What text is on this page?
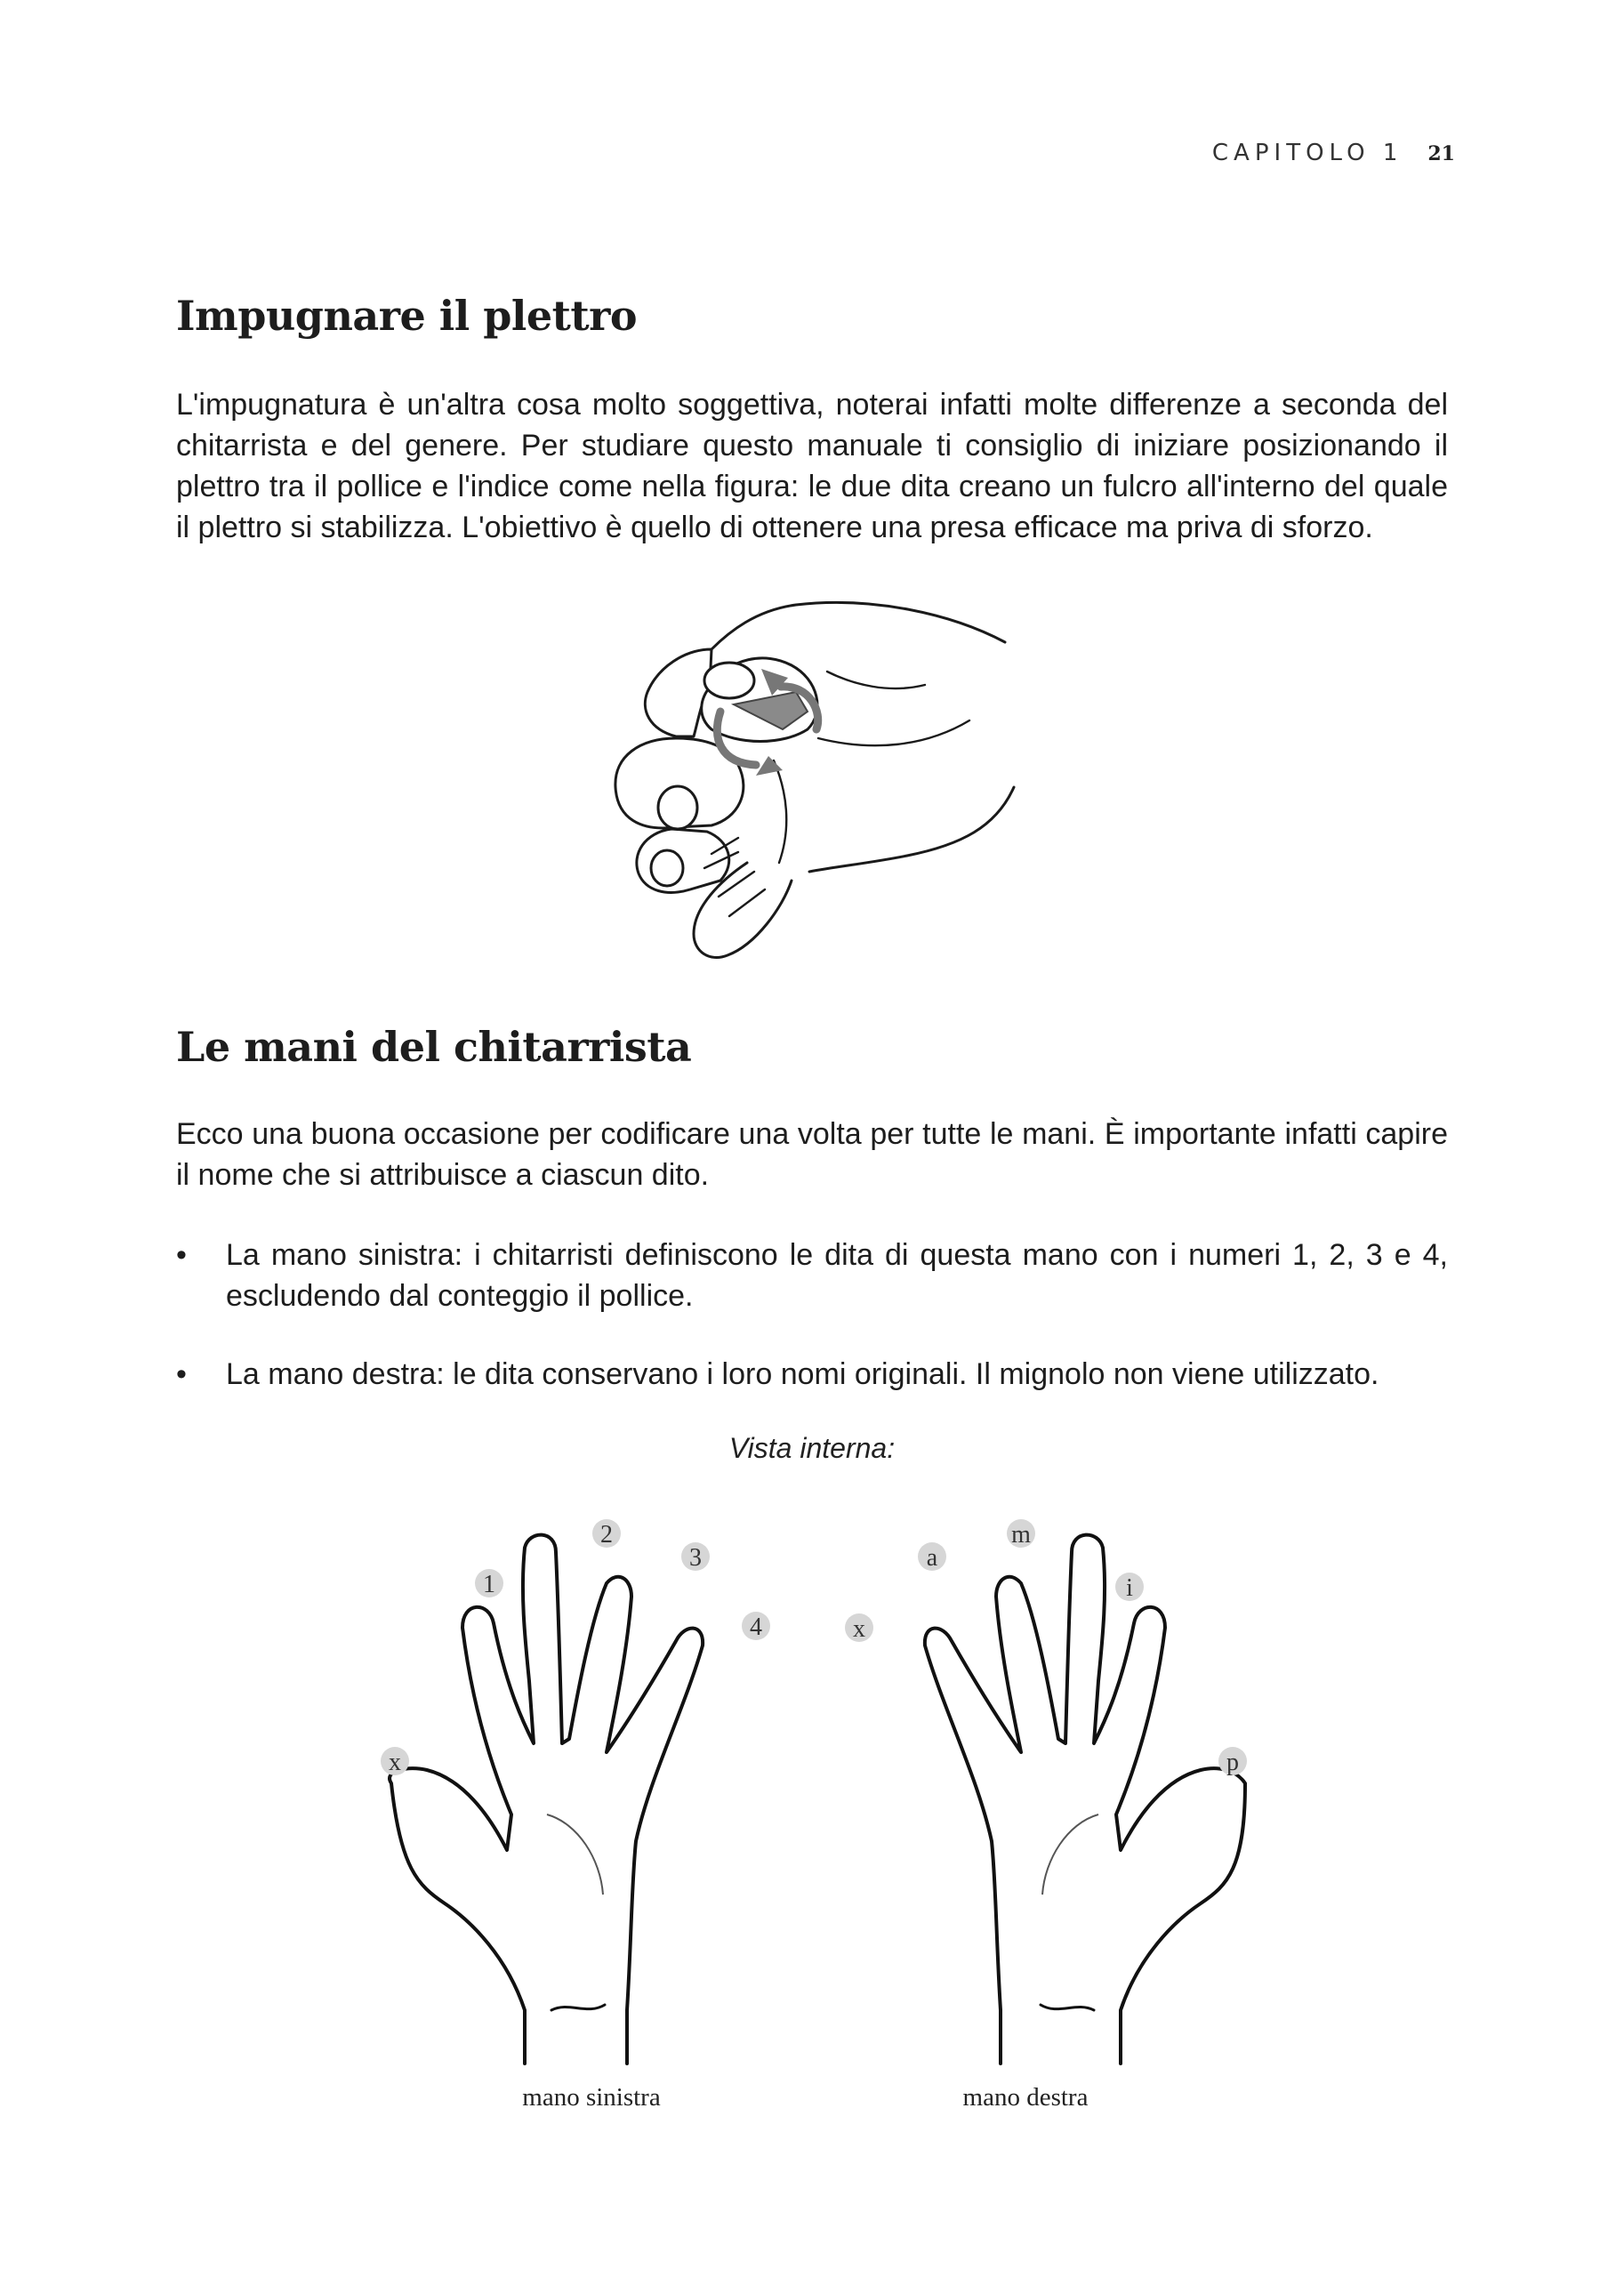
CAPITOLO 1 21
Impugnare il plettro

L'impugnatura è un'altra cosa molto soggettiva, noterai infatti molte differenze a seconda del chitarrista e del genere. Per studiare questo manuale ti consiglio di iniziare posizionando il plettro tra il pollice e l'indice come nella figura: le due dita creano un fulcro all'interno del quale il plettro si stabilizza. L'obiettivo è quello di ottenere una presa efficace ma priva di sforzo.

Le mani del chitarrista

Ecco una buona occasione per codificare una volta per tutte le mani. È importante infatti capire il nome che si attribuisce a ciascun dito.

• La mano sinistra: i chitarristi definiscono le dita di questa mano con i numeri 1, 2, 3 e 4, escludendo dal conteggio il pollice.
• La mano destra: le dita conservano i loro nomi originali. Il mignolo non viene utilizzato.
Vista interna:
x
1
2
3
4	x
a
m
i
p
mano sinistra	mano destra
